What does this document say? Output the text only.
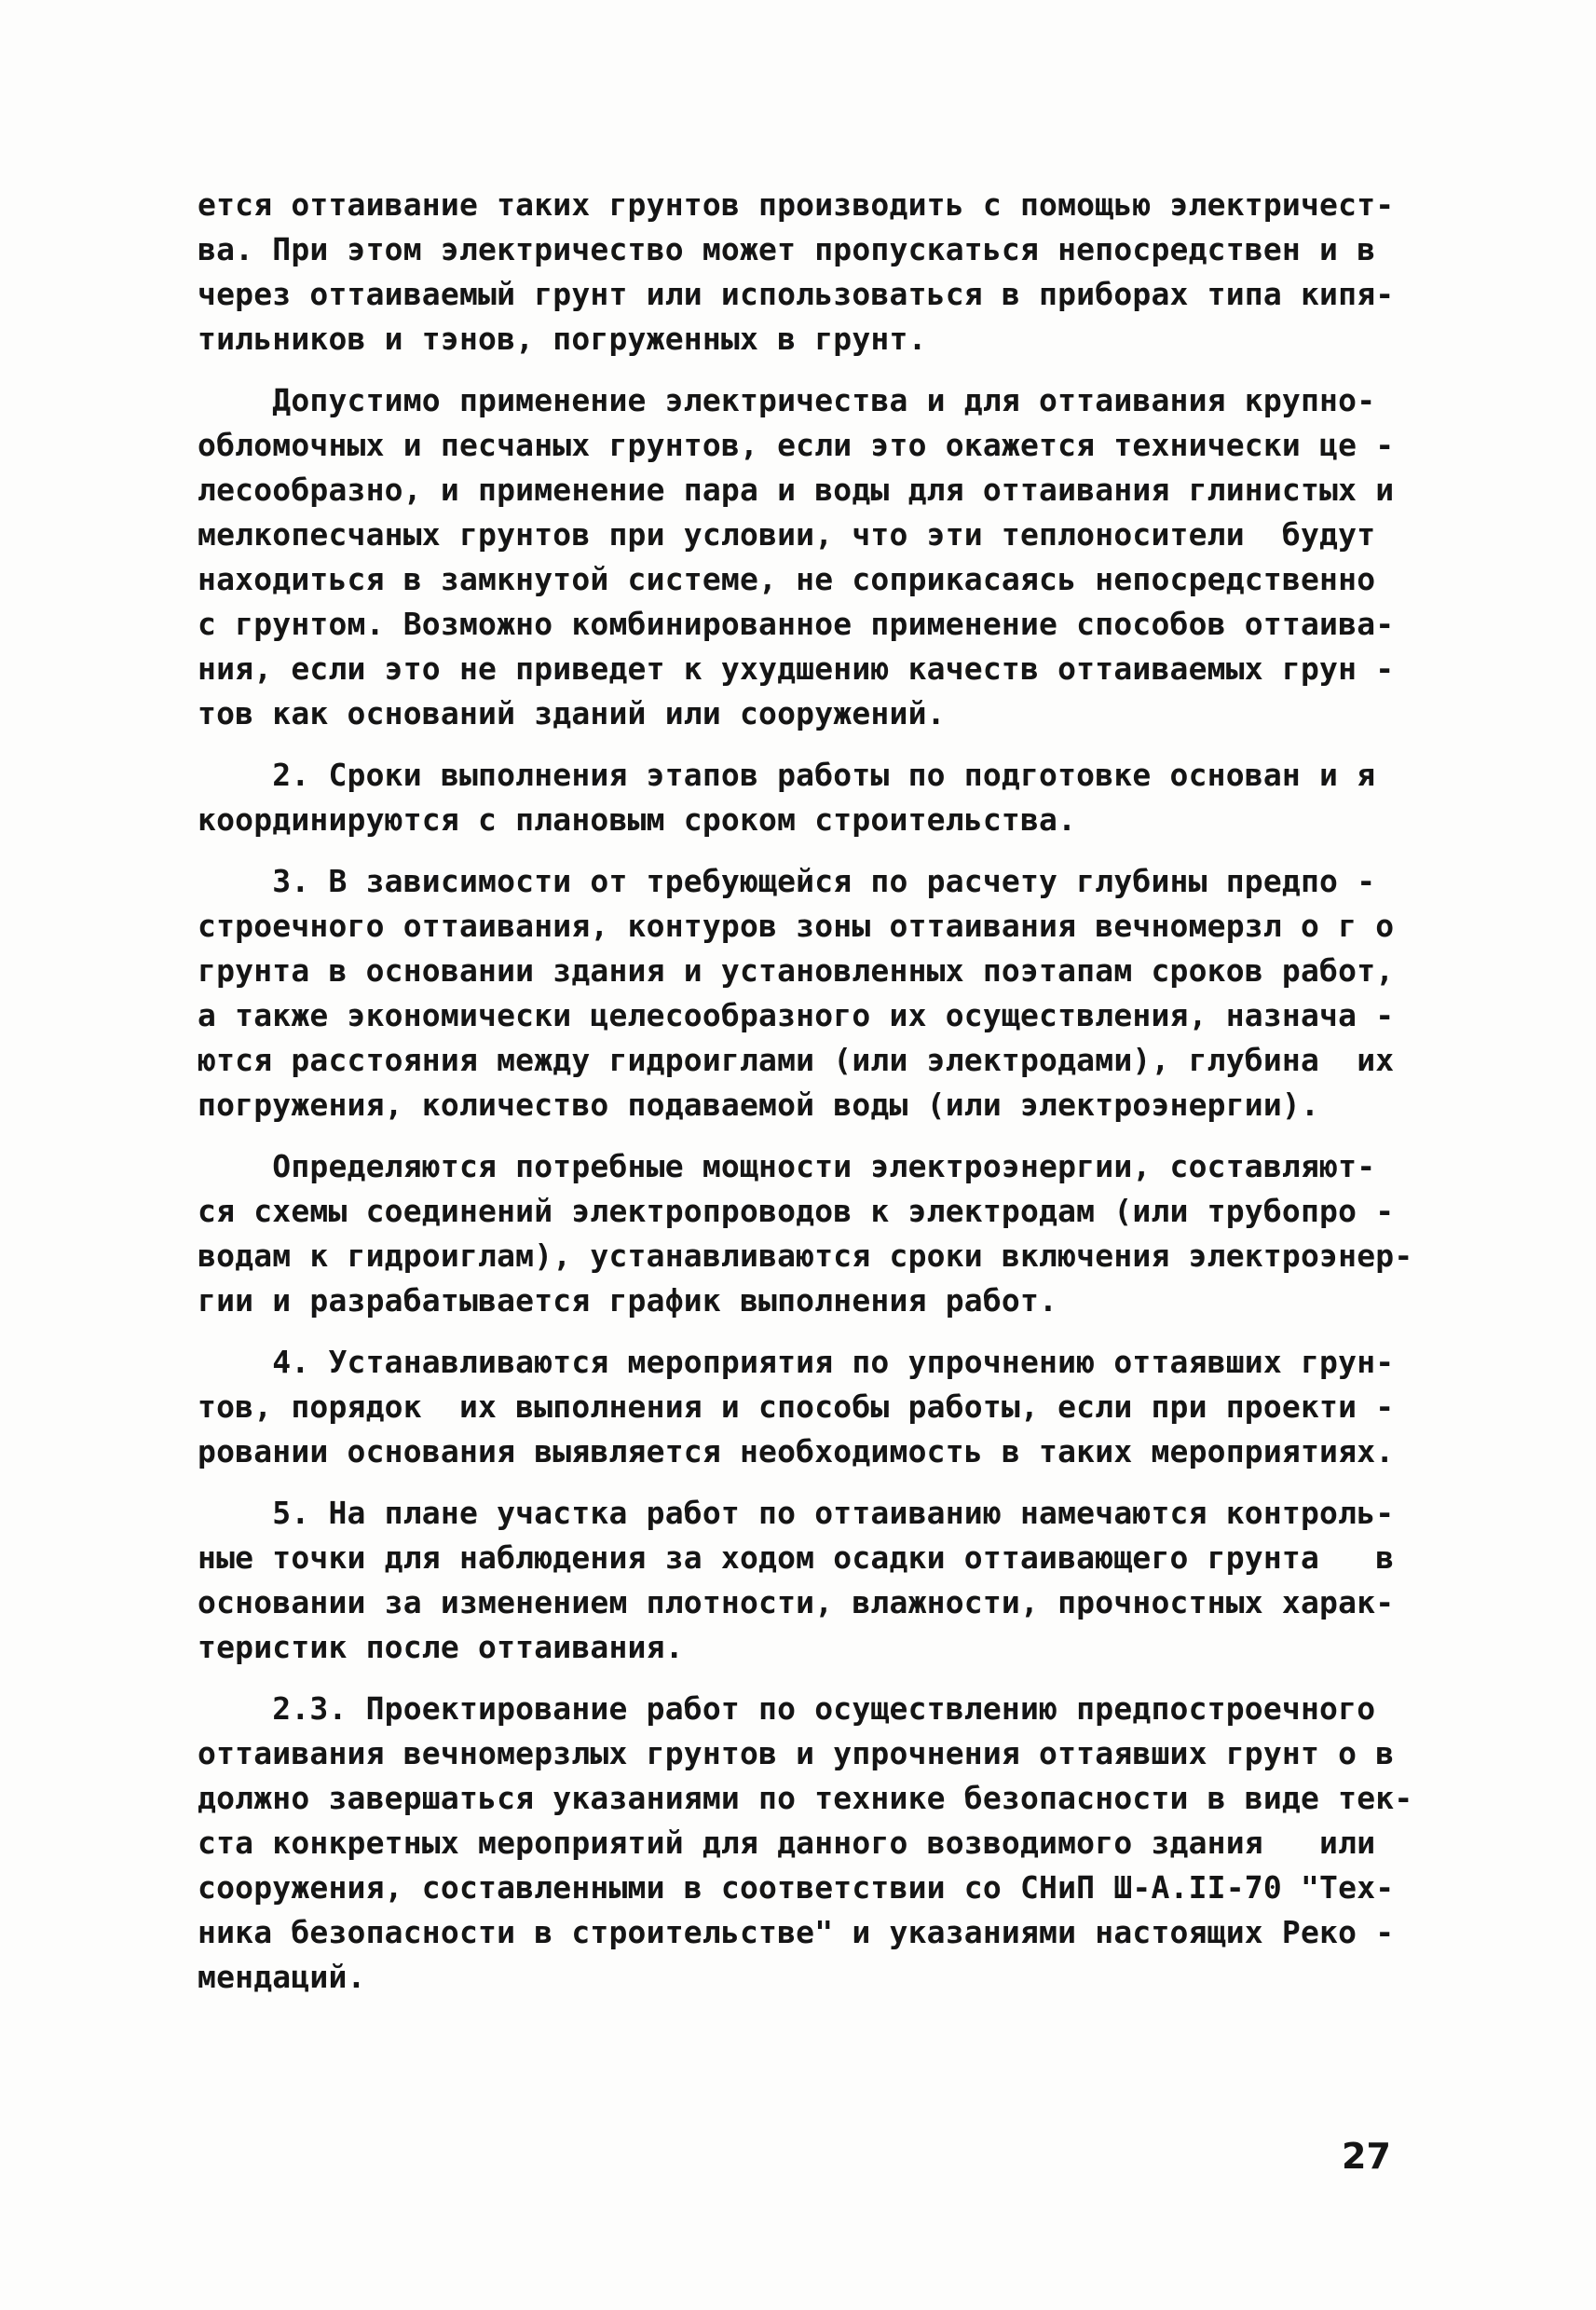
ется оттаивание таких грунтов производить с помощью электричест-
ва. При этом электричество может пропускаться непосредствен и в
через оттаиваемый грунт или использоваться в приборах типа кипя-
тильников и тэнов, погруженных в грунт.
Допустимо применение электричества и для оттаивания крупно-
обломочных и песчаных грунтов, если это окажется технически це -
лесообразно, и применение пара и воды для оттаивания глинистых и
мелкопесчаных грунтов при условии, что эти теплоносители  будут
находиться в замкнутой системе, не соприкасаясь непосредственно
с грунтом. Возможно комбинированное применение способов оттаива-
ния, если это не приведет к ухудшению качеств оттаиваемых грун -
тов как оснований зданий или сооружений.
2. Сроки выполнения этапов работы по подготовке основан и я
координируются с плановым сроком строительства.
3. В зависимости от требующейся по расчету глубины предпо -
строечного оттаивания, контуров зоны оттаивания вечномерзл о г о
грунта в основании здания и установленных поэтапам сроков работ,
а также экономически целесообразного их осуществления, назнача -
ются расстояния между гидроиглами (или электродами), глубина  их
погружения, количество подаваемой воды (или электроэнергии).
Определяются потребные мощности электроэнергии, составляют-
ся схемы соединений электропроводов к электродам (или трубопро -
водам к гидроиглам), устанавливаются сроки включения электроэнер-
гии и разрабатывается график выполнения работ.
4. Устанавливаются мероприятия по упрочнению оттаявших грун-
тов, порядок  их выполнения и способы работы, если при проекти -
ровании основания выявляется необходимость в таких мероприятиях.
5. На плане участка работ по оттаиванию намечаются контроль-
ные точки для наблюдения за ходом осадки оттаивающего грунта   в
основании за изменением плотности, влажности, прочностных харак-
теристик после оттаивания.
2.3. Проектирование работ по осуществлению предпостроечного
оттаивания вечномерзлых грунтов и упрочнения оттаявших грунт о в
должно завершаться указаниями по технике безопасности в виде тек-
ста конкретных мероприятий для данного возводимого здания   или
сооружения, составленными в соответствии со СНиП Ш-А.II-70 "Тех-
ника безопасности в строительстве" и указаниями настоящих Реко -
мендаций.
27
